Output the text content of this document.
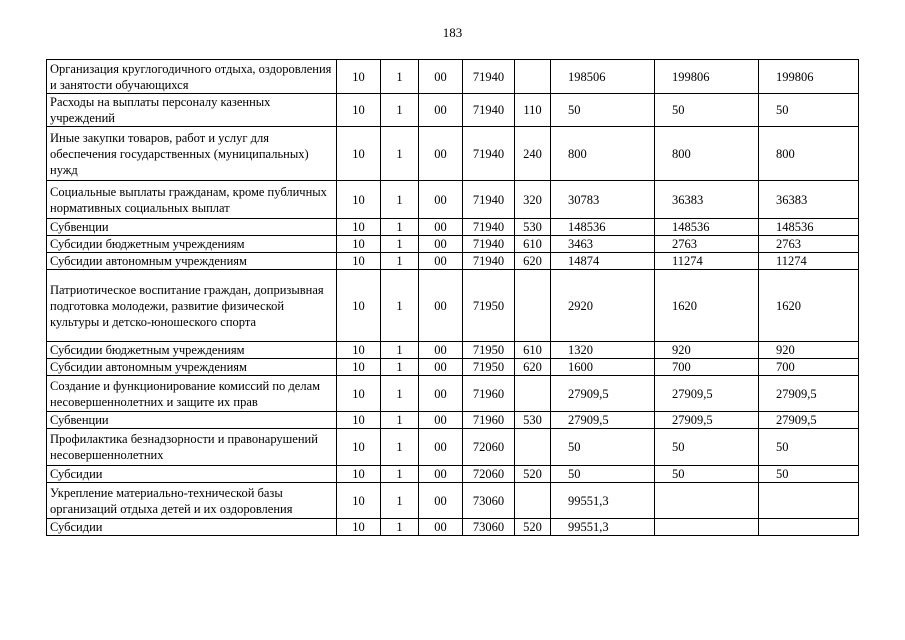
183
Организация круглогодичного отдыха, оздоровления и занятости обучающихся	10	1	00	71940		198506	199806	199806
Расходы на выплаты персоналу казенных учреждений	10	1	00	71940	110	50	50	50
Иные закупки товаров, работ и услуг для обеспечения государственных (муниципальных) нужд	10	1	00	71940	240	800	800	800
Социальные выплаты гражданам, кроме публичных нормативных социальных выплат	10	1	00	71940	320	30783	36383	36383
Субвенции	10	1	00	71940	530	148536	148536	148536
Субсидии бюджетным учреждениям	10	1	00	71940	610	3463	2763	2763
Субсидии автономным учреждениям	10	1	00	71940	620	14874	11274	11274
Патриотическое воспитание граждан, допризывная подготовка молодежи, развитие физической культуры и детско-юношеского спорта	10	1	00	71950		2920	1620	1620
Субсидии бюджетным учреждениям	10	1	00	71950	610	1320	920	920
Субсидии автономным учреждениям	10	1	00	71950	620	1600	700	700
Создание и функционирование комиссий по делам несовершеннолетних и защите их прав	10	1	00	71960		27909,5	27909,5	27909,5
Субвенции	10	1	00	71960	530	27909,5	27909,5	27909,5
Профилактика безнадзорности и правонарушений несовершеннолетних	10	1	00	72060		50	50	50
Субсидии	10	1	00	72060	520	50	50	50
Укрепление материально-технической базы организаций отдыха детей и их оздоровления	10	1	00	73060		99551,3		
Субсидии	10	1	00	73060	520	99551,3		
